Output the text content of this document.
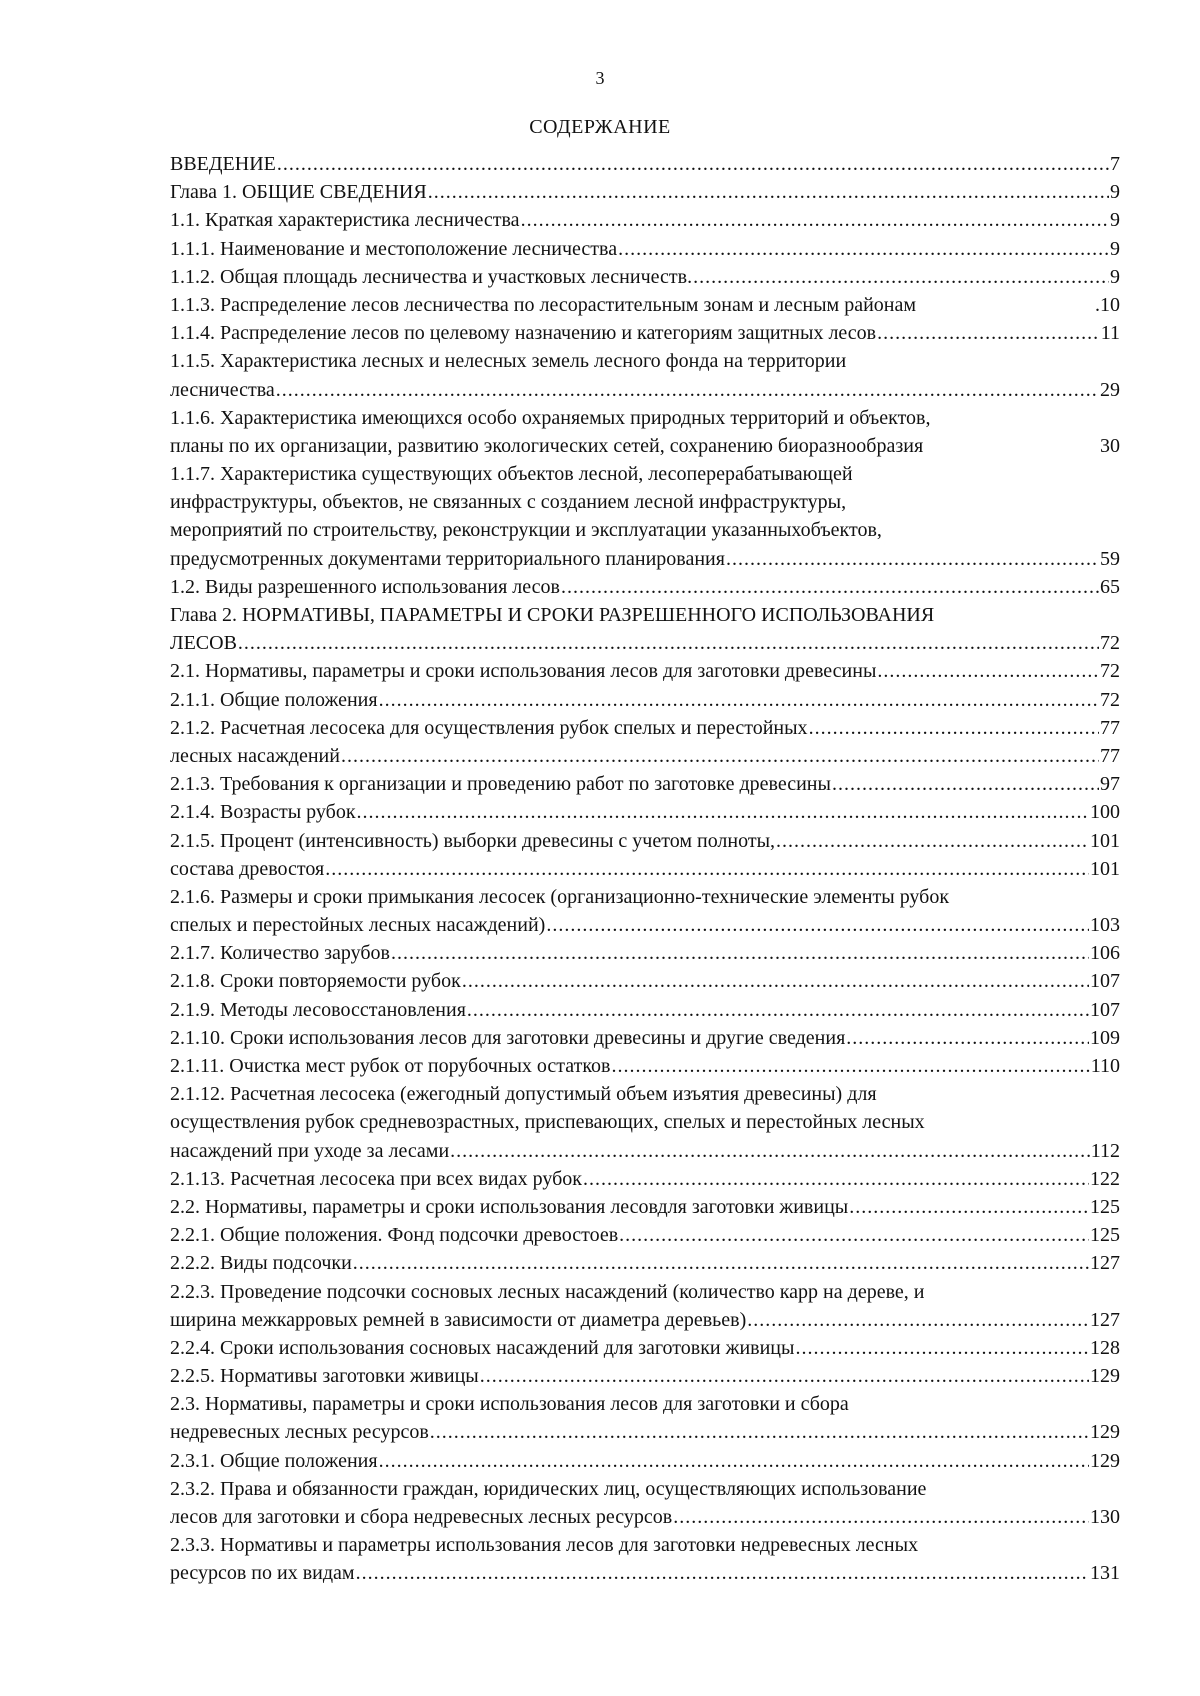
3
СОДЕРЖАНИЕ
ВВЕДЕНИЕ .....	7
Глава 1. ОБЩИЕ СВЕДЕНИЯ .....	9
1.1. Краткая характеристика лесничества .....	9
1.1.1. Наименование и местоположение лесничества .....	9
1.1.2. Общая площадь лесничества и участковых лесничеств. .....	9
1.1.3. Распределение лесов лесничества по лесорастительным зонам и лесным районам	.10
1.1.4. Распределение лесов по целевому назначению и категориям защитных лесов .....	11
1.1.5. Характеристика лесных и нелесных земель лесного фонда на территории
лесничества .....	29
1.1.6. Характеристика имеющихся особо охраняемых природных территорий и объектов,
планы по их организации, развитию экологических сетей, сохранению биоразнообразия	30
1.1.7. Характеристика существующих объектов лесной, лесоперерабатывающей
инфраструктуры, объектов, не связанных с созданием лесной инфраструктуры,
мероприятий по строительству, реконструкции и эксплуатации указанныхобъектов,
предусмотренных документами территориального планирования .....	59
1.2. Виды разрешенного использования лесов .....	65
Глава 2. НОРМАТИВЫ, ПАРАМЕТРЫ И СРОКИ РАЗРЕШЕННОГО ИСПОЛЬЗОВАНИЯ
ЛЕСОВ .....	72
2.1. Нормативы, параметры и сроки использования лесов для заготовки древесины .....	72
2.1.1. Общие положения .....	72
2.1.2. Расчетная лесосека для осуществления рубок спелых и перестойных .....	77
лесных насаждений .....	77
2.1.3. Требования к организации и проведению работ по заготовке древесины .....	97
2.1.4. Возрасты рубок .....	100
2.1.5. Процент (интенсивность) выборки древесины с учетом полноты, .....	101
состава древостоя .....	101
2.1.6. Размеры и сроки примыкания лесосек (организационно-технические элементы рубок
спелых и перестойных лесных насаждений) .....	103
2.1.7. Количество зарубов .....	106
2.1.8. Сроки повторяемости рубок .....	107
2.1.9. Методы лесовосстановления .....	107
2.1.10. Сроки использования лесов для заготовки древесины и другие сведения .....	109
2.1.11. Очистка мест рубок от порубочных остатков .....	110
2.1.12. Расчетная лесосека (ежегодный допустимый объем изъятия древесины) для
осуществления рубок средневозрастных, приспевающих, спелых и перестойных лесных
насаждений при уходе за лесами .....	112
2.1.13. Расчетная лесосека при всех видах рубок .....	122
2.2. Нормативы, параметры и сроки использования лесовдля заготовки живицы .....	125
2.2.1. Общие положения. Фонд подсочки древостоев .....	125
2.2.2. Виды подсочки .....	127
2.2.3. Проведение подсочки сосновых лесных насаждений (количество карр на дереве, и
ширина межкарровых ремней в зависимости от диаметра деревьев) .....	127
2.2.4. Сроки использования сосновых насаждений для заготовки живицы .....	128
2.2.5. Нормативы заготовки живицы .....	129
2.3. Нормативы, параметры и сроки использования лесов для заготовки и сбора
недревесных лесных ресурсов .....	129
2.3.1. Общие положения .....	129
2.3.2. Права и обязанности граждан, юридических лиц, осуществляющих использование
лесов для заготовки и сбора недревесных лесных ресурсов .....	130
2.3.3. Нормативы и параметры использования лесов для заготовки недревесных лесных
ресурсов по их видам .....	131
